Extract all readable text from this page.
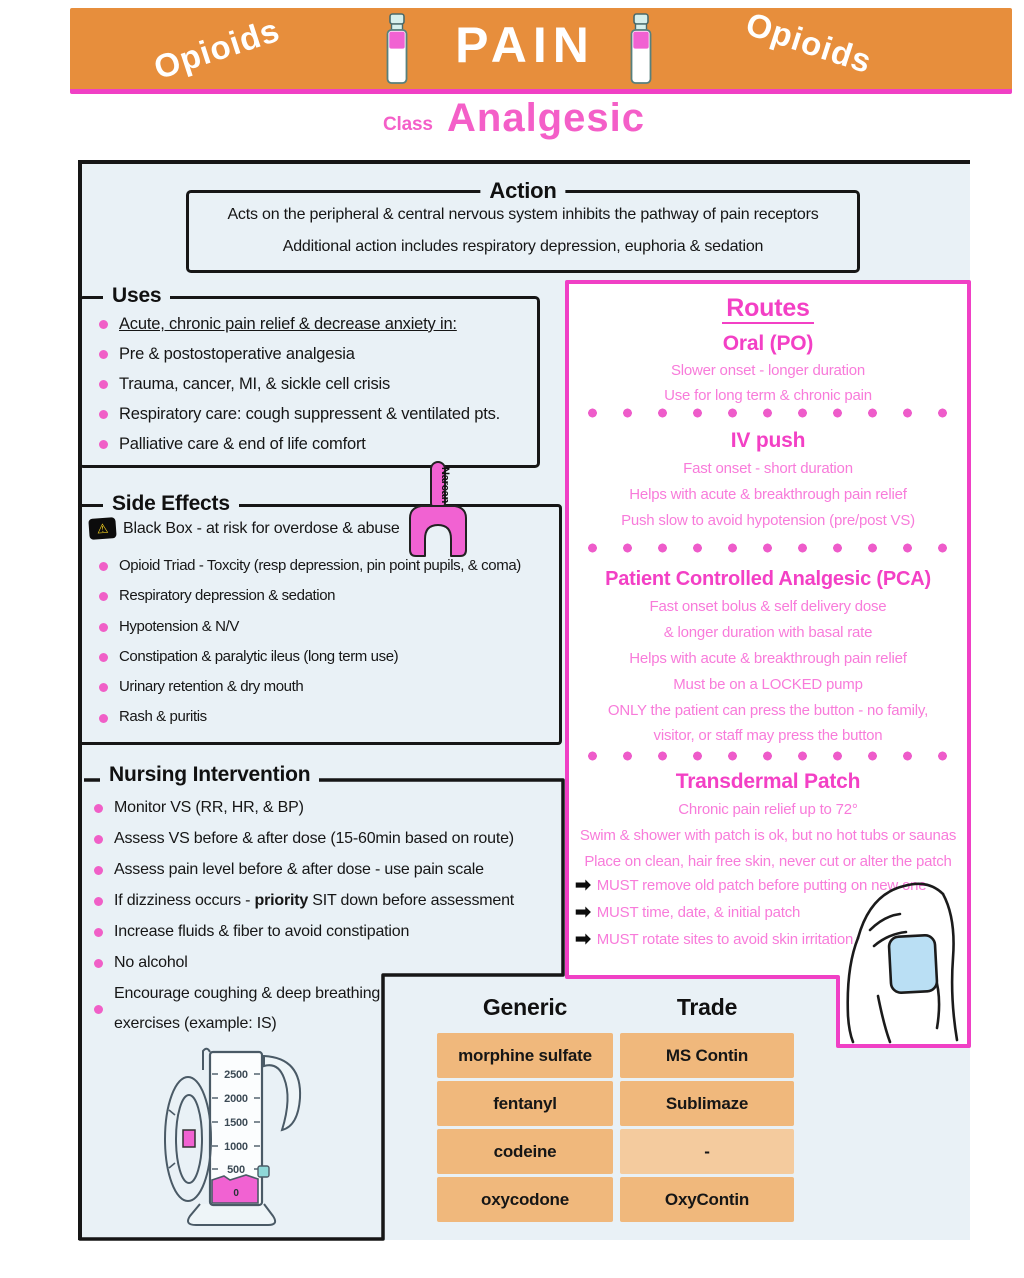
Opioids	Opioids
PAIN
Class Analgesic
Action
Acts on the peripheral & central nervous system inhibits the pathway of pain receptors
Additional action includes respiratory depression, euphoria & sedation
Uses
Acute, chronic pain relief & decrease anxiety in:
Pre & postostoperative analgesia
Trauma, cancer, MI, & sickle cell crisis
Respiratory care: cough suppressent & ventilated pts.
Palliative care & end of life comfort
Side Effects
⚠ Black Box - at risk for overdose & abuse
Opioid Triad - Toxcity (resp depression, pin point pupils, & coma)
Respiratory depression & sedation
Hypotension & N/V
Constipation & paralytic ileus (long term use)
Urinary retention & dry mouth
Rash & puritis
Narcan
Nursing Intervention
Monitor VS (RR, HR, & BP)
Assess VS before & after dose (15-60min based on route)
Assess pain level before & after dose - use pain scale
If dizziness occurs - priority SIT down before assessment
Increase fluids & fiber to avoid constipation
No alcohol
Encourage coughing & deep breathing exercises (example: IS)
Routes
Oral (PO)
Slower onset - longer duration
Use for long term & chronic pain
IV push
Fast onset - short duration
Helps with acute & breakthrough pain relief
Push slow to avoid hypotension (pre/post VS)
Patient Controlled Analgesic (PCA)
Fast onset bolus & self delivery dose
& longer duration with basal rate
Helps with acute & breakthrough pain relief
Must be on a LOCKED pump
ONLY the patient can press the button - no family,
visitor, or staff may press the button
Transdermal Patch
Chronic pain relief up to 72°
Swim & shower with patch is ok, but no hot tubs or saunas
Place on clean, hair free skin, never cut or alter the patch
➡ MUST remove old patch before putting on new one
➡ MUST time, date, & initial patch
➡ MUST rotate sites to avoid skin irritation
Generic	Trade
morphine sulfate	MS Contin
fentanyl	Sublimaze
codeine	-
oxycodone	OxyContin
2500
2000
1500
1000
500
0
